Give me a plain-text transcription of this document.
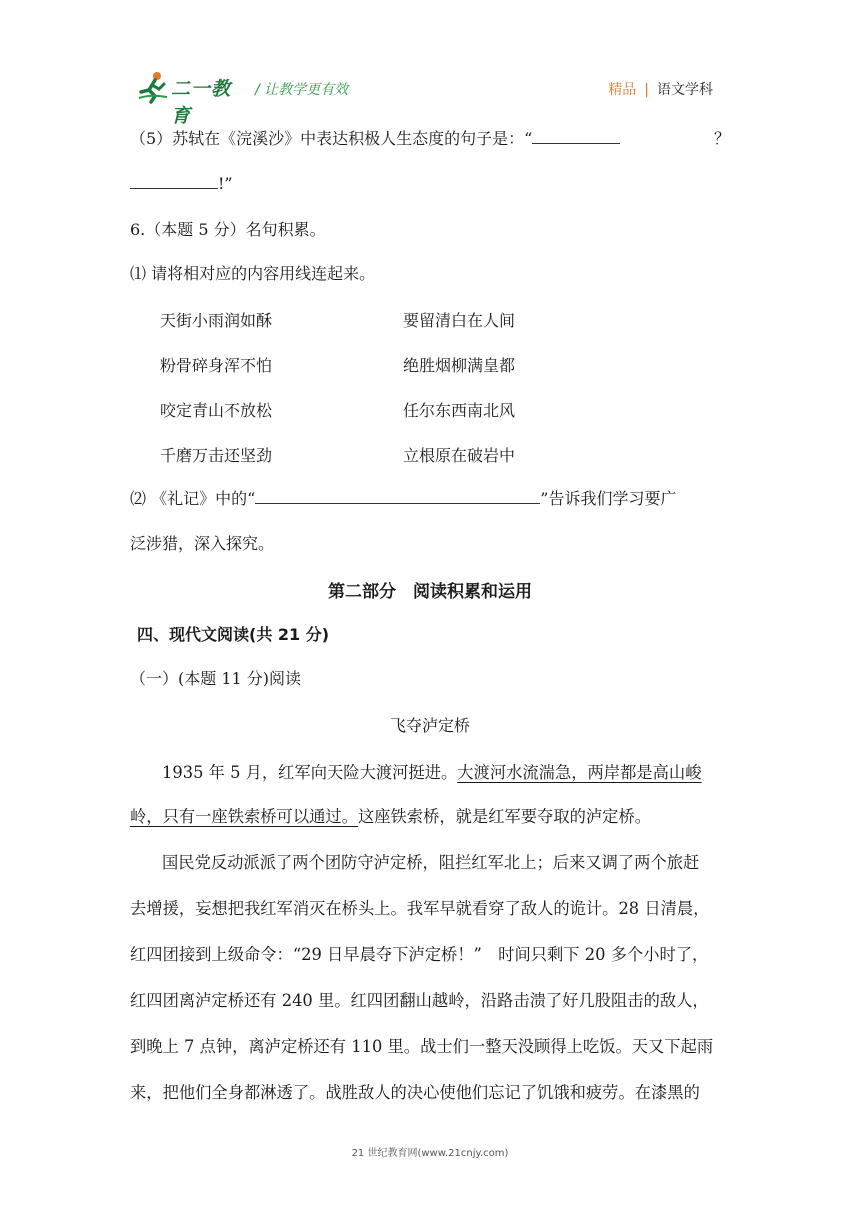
二一教育
/ 让教学更有效	精品 | 语文学科
（5）苏轼在《浣溪沙》中表达积极人生态度的句子是：“	？
!”
6.（本题 5 分）名句积累。
⑴ 请将相对应的内容用线连起来。
天街小雨润如酥	要留清白在人间
粉骨碎身浑不怕	绝胜烟柳满皇都
咬定青山不放松	任尔东西南北风
千磨万击还坚劲	立根原在破岩中
⑵ 《礼记》中的“	”告诉我们学习要广
泛涉猎，深入探究。
第二部分　阅读积累和运用
四、现代文阅读(共 21 分)
（一）(本题 11 分)阅读
飞夺泸定桥
1935 年 5 月，红军向天险大渡河挺进。大渡河水流湍急，两岸都是高山峻
岭，只有一座铁索桥可以通过。这座铁索桥，就是红军要夺取的泸定桥。
国民党反动派派了两个团防守泸定桥，阻拦红军北上；后来又调了两个旅赶
去增援，妄想把我红军消灭在桥头上。我军早就看穿了敌人的诡计。28 日清晨，
红四团接到上级命令：“29 日早晨夺下泸定桥！”　时间只剩下 20 多个小时了，
红四团离泸定桥还有 240 里。红四团翻山越岭，沿路击溃了好几股阻击的敌人，
到晚上 7 点钟，离泸定桥还有 110 里。战士们一整天没顾得上吃饭。天又下起雨
来，把他们全身都淋透了。战胜敌人的决心使他们忘记了饥饿和疲劳。在漆黑的
21 世纪教育网(www.21cnjy.com)
